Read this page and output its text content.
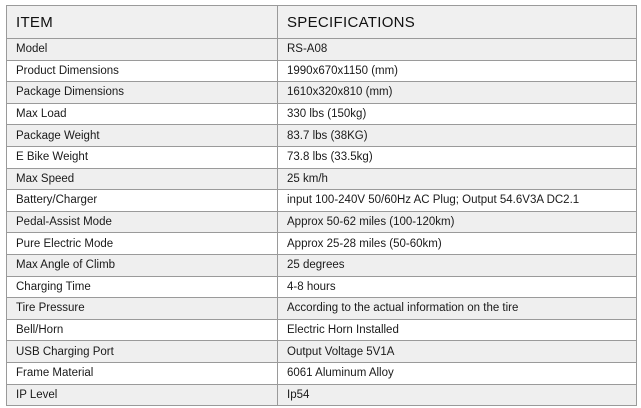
ITEM	SPECIFICATIONS
Model	RS-A08
Product Dimensions	1990x670x1150 (mm)
Package Dimensions	1610x320x810 (mm)
Max Load	330 lbs (150kg)
Package Weight	83.7 lbs (38KG)
E Bike Weight	73.8 lbs (33.5kg)
Max Speed	25 km/h
Battery/Charger	input 100-240V 50/60Hz AC Plug; Output 54.6V3A DC2.1
Pedal-Assist Mode	Approx 50-62 miles (100-120km)
Pure Electric Mode	Approx 25-28 miles (50-60km)
Max Angle of Climb	25 degrees
Charging Time	4-8 hours
Tire Pressure	According to the actual information on the tire
Bell/Horn	Electric Horn Installed
USB Charging Port	Output Voltage 5V1A
Frame Material	6061 Aluminum Alloy
IP Level	Ip54
